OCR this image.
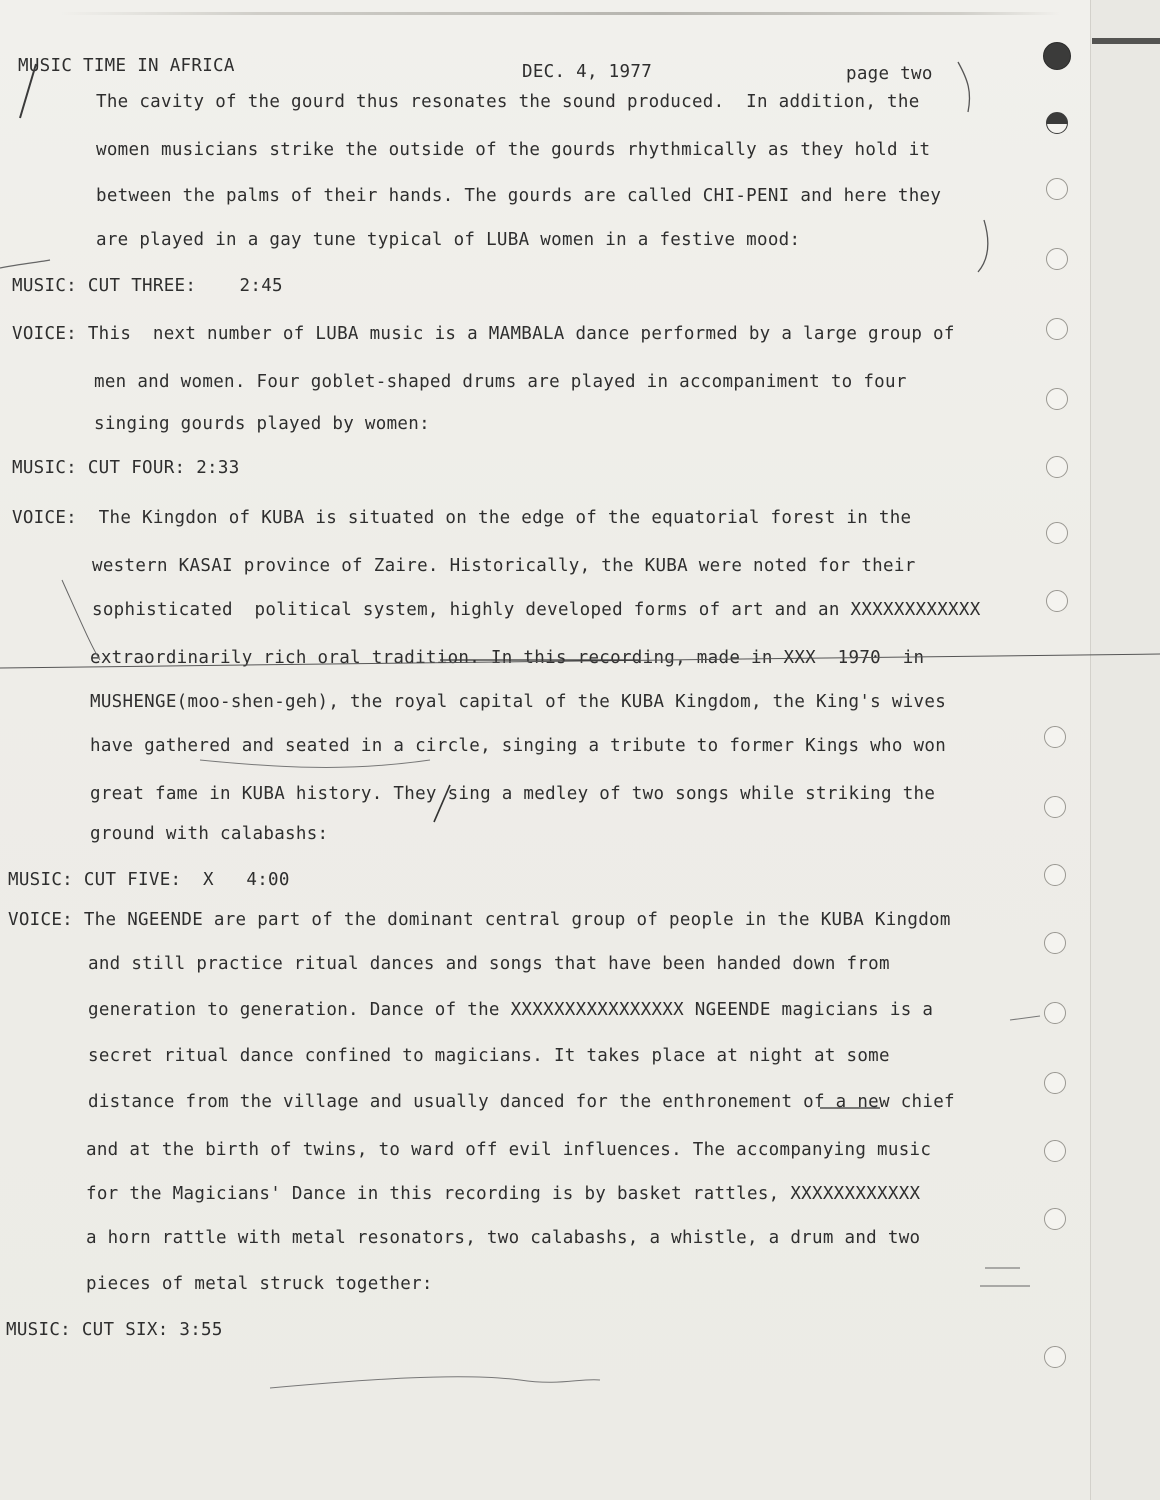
MUSIC TIME IN AFRICA	DEC. 4, 1977	page two
The cavity of the gourd thus resonates the sound produced.  In addition, the
women musicians strike the outside of the gourds rhythmically as they hold it
between the palms of their hands. The gourds are called CHI-PENI and here they
are played in a gay tune typical of LUBA women in a festive mood:
MUSIC: CUT THREE:    2:45
VOICE: This  next number of LUBA music is a MAMBALA dance performed by a large group of
men and women. Four goblet-shaped drums are played in accompaniment to four
singing gourds played by women:
MUSIC: CUT FOUR: 2:33
VOICE:  The Kingdon of KUBA is situated on the edge of the equatorial forest in the
western KASAI province of Zaire. Historically, the KUBA were noted for their
sophisticated  political system, highly developed forms of art and an XXXXXXXXXXXX
extraordinarily rich oral tradition. In this recording, made in XXX  1970  in
MUSHENGE(moo-shen-geh), the royal capital of the KUBA Kingdom, the King's wives
have gathered and seated in a circle, singing a tribute to former Kings who won
great fame in KUBA history. They sing a medley of two songs while striking the
ground with calabashs:
MUSIC: CUT FIVE:  X   4:00
VOICE: The NGEENDE are part of the dominant central group of people in the KUBA Kingdom
and still practice ritual dances and songs that have been handed down from
generation to generation. Dance of the XXXXXXXXXXXXXXXX NGEENDE magicians is a
secret ritual dance confined to magicians. It takes place at night at some
distance from the village and usually danced for the enthronement of a new chief
and at the birth of twins, to ward off evil influences. The accompanying music
for the Magicians' Dance in this recording is by basket rattles, XXXXXXXXXXXX
a horn rattle with metal resonators, two calabashs, a whistle, a drum and two
pieces of metal struck together:
MUSIC: CUT SIX: 3:55
